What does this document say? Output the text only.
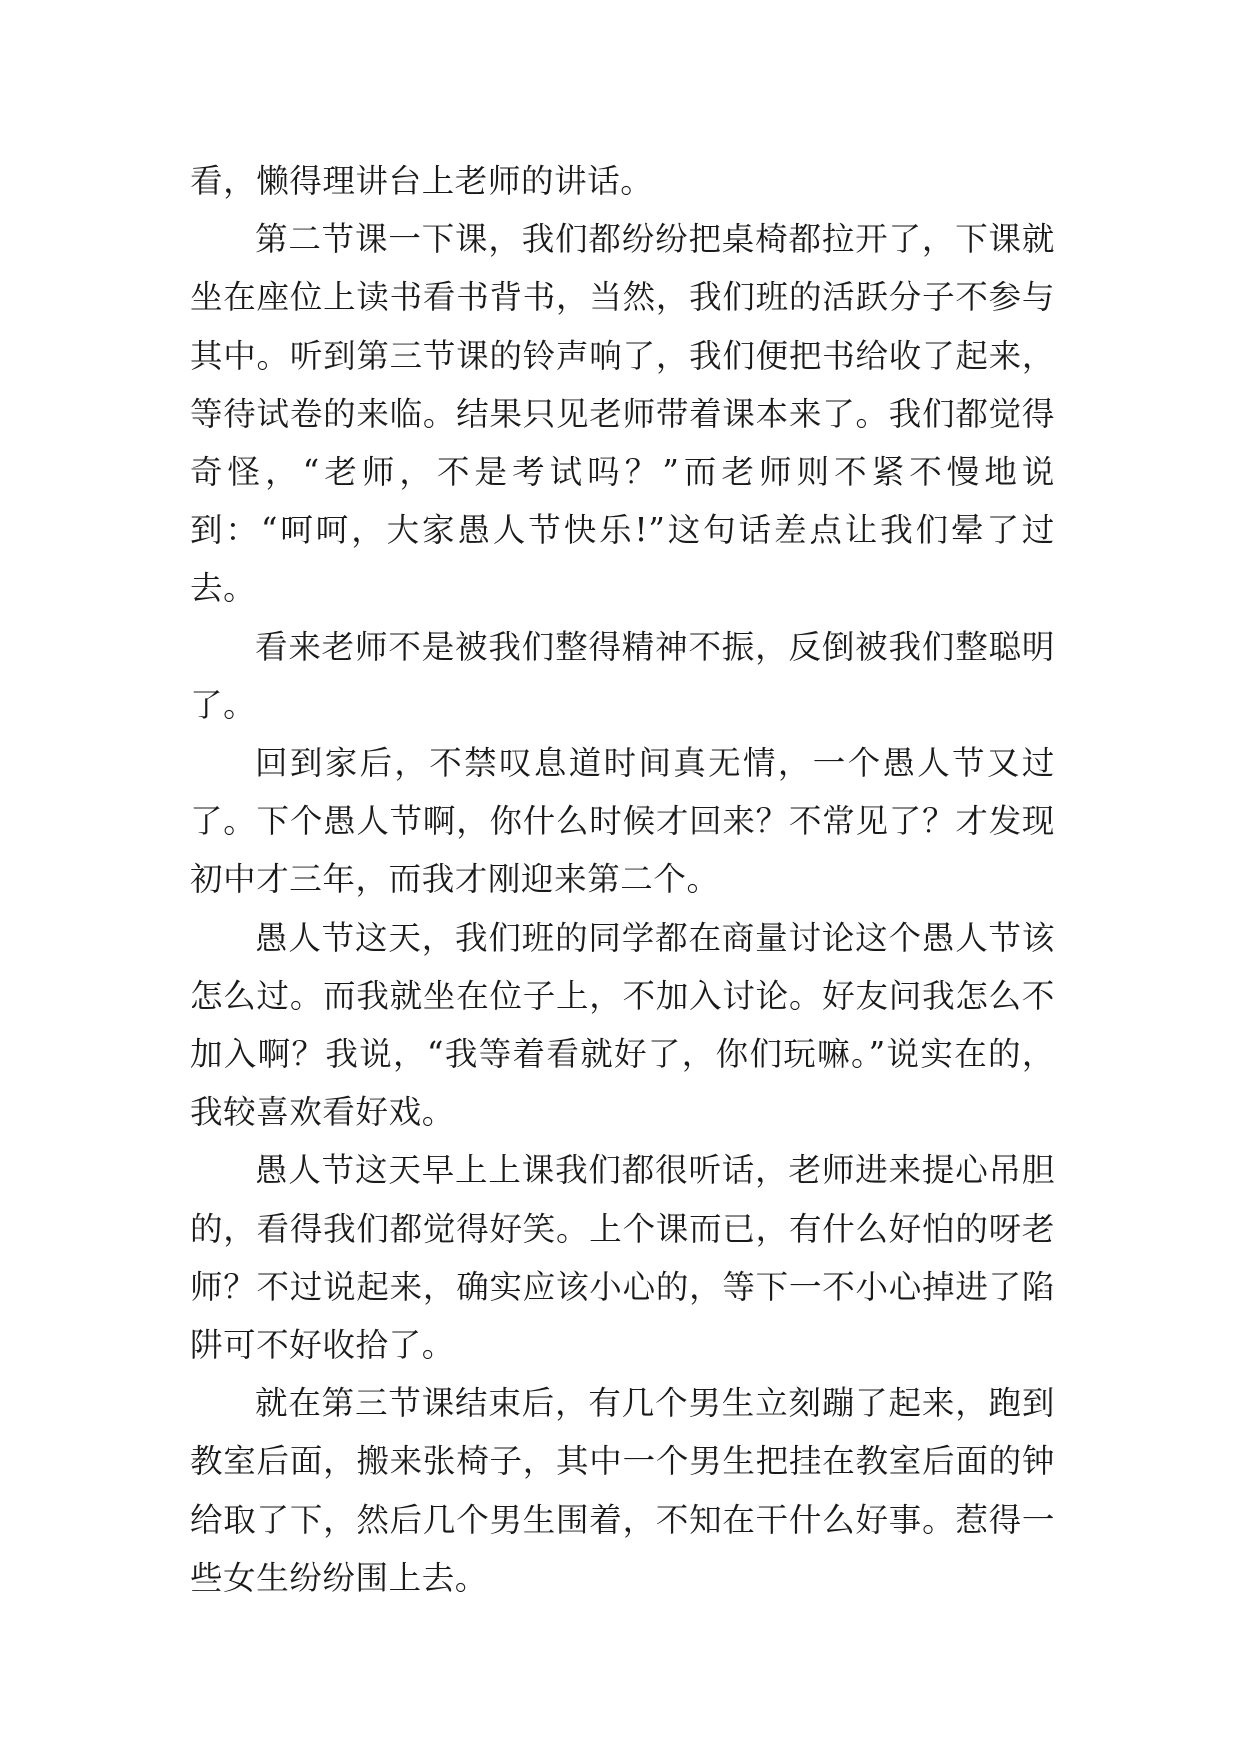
看，懒得理讲台上老师的讲话。

第二节课一下课，我们都纷纷把桌椅都拉开了，下课就坐在座位上读书看书背书，当然，我们班的活跃分子不参与其中。听到第三节课的铃声响了，我们便把书给收了起来，等待试卷的来临。结果只见老师带着课本来了。我们都觉得奇怪，“老师，不是考试吗？”而老师则不紧不慢地说到：“呵呵，大家愚人节快乐!”这句话差点让我们晕了过去。

看来老师不是被我们整得精神不振，反倒被我们整聪明了。

回到家后，不禁叹息道时间真无情，一个愚人节又过了。下个愚人节啊，你什么时候才回来？不常见了？才发现初中才三年，而我才刚迎来第二个。

愚人节这天，我们班的同学都在商量讨论这个愚人节该怎么过。而我就坐在位子上，不加入讨论。好友问我怎么不加入啊？我说，“我等着看就好了，你们玩嘛。”说实在的，我较喜欢看好戏。

愚人节这天早上上课我们都很听话，老师进来提心吊胆的，看得我们都觉得好笑。上个课而已，有什么好怕的呀老师？不过说起来，确实应该小心的，等下一不小心掉进了陷阱可不好收拾了。

就在第三节课结束后，有几个男生立刻蹦了起来，跑到教室后面，搬来张椅子，其中一个男生把挂在教室后面的钟给取了下，然后几个男生围着，不知在干什么好事。惹得一些女生纷纷围上去。
